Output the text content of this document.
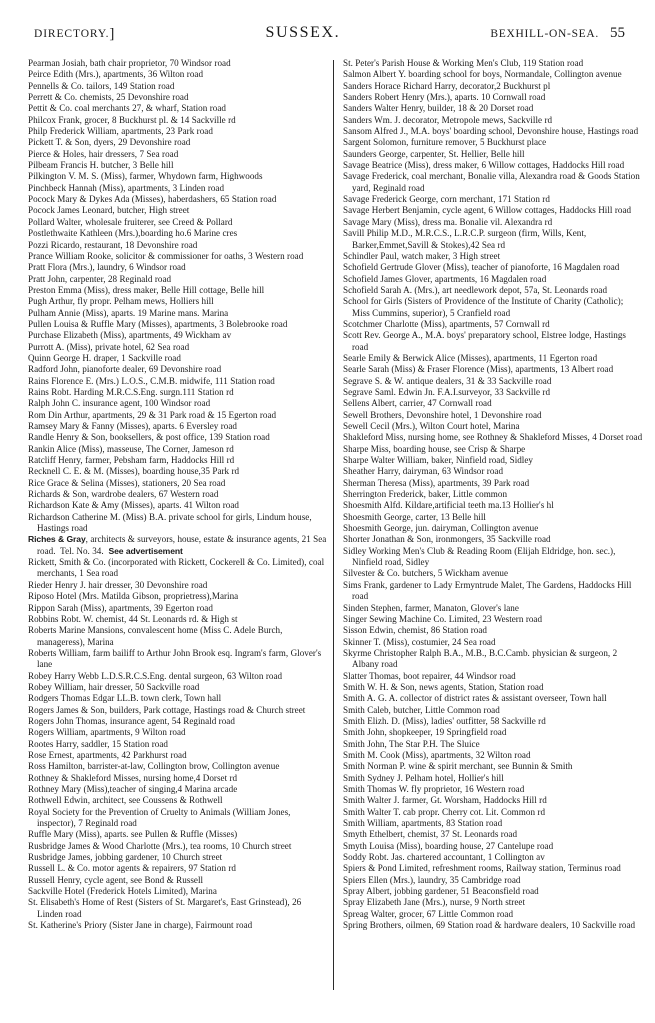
DIRECTORY.]	SUSSEX.	BEXHILL-ON-SEA. 55

Pearman Josiah, bath chair proprietor, 70 Windsor road

Peirce Edith (Mrs.), apartments, 36 Wilton road

Pennells & Co. tailors, 149 Station road

Perrett & Co. chemists, 25 Devonshire road

Pettit & Co. coal merchants 27, & wharf, Station road

Philcox Frank, grocer, 8 Buckhurst pl. & 14 Sackville rd

Philp Frederick William, apartments, 23 Park road

Pickett T. & Son, dyers, 29 Devonshire road

Pierce & Holes, hair dressers, 7 Sea road

Pilbeam Francis H. butcher, 3 Belle hill

Pilkington V. M. S. (Miss), farmer, Whydown farm, Highwoods

Pinchbeck Hannah (Miss), apartments, 3 Linden road

Pocock Mary & Dykes Ada (Misses), haberdashers, 65 Station road

Pocock James Leonard, butcher, High street

Pollard Walter, wholesale fruiterer, see Creed & Pollard

Postlethwaite Kathleen (Mrs.),boarding ho.6 Marine cres

Pozzi Ricardo, restaurant, 18 Devonshire road

Prance William Rooke, solicitor & commissioner for oaths, 3 Western road

Pratt Flora (Mrs.), laundry, 6 Windsor road

Pratt John, carpenter, 28 Reginald road

Preston Emma (Miss), dress maker, Belle Hill cottage, Belle hill

Pugh Arthur, fly propr. Pelham mews, Holliers hill

Pulham Annie (Miss), aparts. 19 Marine mans. Marina

Pullen Louisa & Ruffle Mary (Misses), apartments, 3 Bolebrooke road

Purchase Elizabeth (Miss), apartments, 49 Wickham av

Purrott A. (Miss), private hotel, 62 Sea road

Quinn George H. draper, 1 Sackville road

Radford John, pianoforte dealer, 69 Devonshire road

Rains Florence E. (Mrs.) L.O.S., C.M.B. midwife, 111 Station road

Rains Robt. Harding M.R.C.S.Eng. surgn.111 Station rd

Ralph John C. insurance agent, 100 Windsor road

Rom Din Arthur, apartments, 29 & 31 Park road & 15 Egerton road

Ramsey Mary & Fanny (Misses), aparts. 6 Eversley road

Randle Henry & Son, booksellers, & post office, 139 Station road

Rankin Alice (Miss), masseuse, The Corner, Jameson rd

Ratcliff Henry, farmer, Pebsham farm, Haddocks Hill rd

Recknell C. E. & M. (Misses), boarding house,35 Park rd

Rice Grace & Selina (Misses), stationers, 20 Sea road

Richards & Son, wardrobe dealers, 67 Western road

Richardson Kate & Amy (Misses), aparts. 41 Wilton road

Richardson Catherine M. (Miss) B.A. private school for girls, Lindum house, Hastings road

Riches & Gray, architects & surveyors, house, estate & insurance agents, 21 Sea road.  Tel. No. 34.  See advertisement

Rickett, Smith & Co. (incorporated with Rickett, Cockerell & Co. Limited), coal merchants, 1 Sea road

Rieder Henry J. hair dresser, 30 Devonshire road

Riposo Hotel (Mrs. Matilda Gibson, proprietress),Marina

Rippon Sarah (Miss), apartments, 39 Egerton road

Robbins Robt. W. chemist, 44 St. Leonards rd. & High st

Roberts Marine Mansions, convalescent home (Miss C. Adele Burch, manageress), Marina

Roberts William, farm bailiff to Arthur John Brook esq. Ingram's farm, Glover's lane

Robey Harry Webb L.D.S.R.C.S.Eng. dental surgeon, 63 Wilton road

Robey William, hair dresser, 50 Sackville road

Rodgers Thomas Edgar LL.B. town clerk, Town hall

Rogers James & Son, builders, Park cottage, Hastings road & Church street

Rogers John Thomas, insurance agent, 54 Reginald road

Rogers William, apartments, 9 Wilton road

Rootes Harry, saddler, 15 Station road

Rose Ernest, apartments, 42 Parkhurst road

Ross Hamilton, barrister-at-law, Collington brow, Collington avenue

Rothney & Shakleford Misses, nursing home,4 Dorset rd

Rothney Mary (Miss),teacher of singing,4 Marina arcade

Rothwell Edwin, architect, see Coussens & Rothwell

Royal Society for the Prevention of Cruelty to Animals (William Jones, inspector), 7 Reginald road

Ruffle Mary (Miss), aparts. see Pullen & Ruffle (Misses)

Rusbridge James & Wood Charlotte (Mrs.), tea rooms, 10 Church street

Rusbridge James, jobbing gardener, 10 Church street

Russell L. & Co. motor agents & repairers, 97 Station rd

Russell Henry, cycle agent, see Bond & Russell

Sackville Hotel (Frederick Hotels Limited), Marina

St. Elisabeth's Home of Rest (Sisters of St. Margaret's, East Grinstead), 26 Linden road

St. Katherine's Priory (Sister Jane in charge), Fairmount road

St. Peter's Parish House & Working Men's Club, 119 Station road

Salmon Albert Y. boarding school for boys, Normandale, Collington avenue

Sanders Horace Richard Harry, decorator,2 Buckhurst pl

Sanders Robert Henry (Mrs.), aparts. 10 Cornwall road

Sanders Walter Henry, builder, 18 & 20 Dorset road

Sanders Wm. J. decorator, Metropole mews, Sackville rd

Sansom Alfred J., M.A. boys' boarding school, Devonshire house, Hastings road

Sargent Solomon, furniture remover, 5 Buckhurst place

Saunders George, carpenter, St. Hellier, Belle hill

Savage Beatrice (Miss), dress maker, 6 Willow cottages, Haddocks Hill road

Savage Frederick, coal merchant, Bonalie villa, Alexandra road & Goods Station yard, Reginald road

Savage Frederick George, corn merchant, 171 Station rd

Savage Herbert Benjamin, cycle agent, 6 Willow cottages, Haddocks Hill road

Savage Mary (Miss), dress ma. Bonalie vil. Alexandra rd

Savill Philip M.D., M.R.C.S., L.R.C.P. surgeon (firm, Wills, Kent, Barker,Emmet,Savill & Stokes),42 Sea rd

Schindler Paul, watch maker, 3 High street

Schofield Gertrude Glover (Miss), teacher of pianoforte, 16 Magdalen road

Schofield James Glover, apartments, 16 Magdalen road

Schofield Sarah A. (Mrs.), art needlework depot, 57a, St. Leonards road

School for Girls (Sisters of Providence of the Institute of Charity (Catholic); Miss Cummins, superior), 5 Cranfield road

Scotchmer Charlotte (Miss), apartments, 57 Cornwall rd

Scott Rev. George A., M.A. boys' preparatory school, Elstree lodge, Hastings road

Searle Emily & Berwick Alice (Misses), apartments, 11 Egerton road

Searle Sarah (Miss) & Fraser Florence (Miss), apartments, 13 Albert road

Segrave S. & W. antique dealers, 31 & 33 Sackville road

Segrave Saml. Edwin Jn. F.A.I.surveyor, 33 Sackville rd

Sellens Albert, carrier, 47 Cornwall road

Sewell Brothers, Devonshire hotel, 1 Devonshire road

Sewell Cecil (Mrs.), Wilton Court hotel, Marina

Shakleford Miss, nursing home, see Rothney & Shakleford Misses, 4 Dorset road

Sharpe Miss, boarding house, see Crisp & Sharpe

Sharpe Walter William, baker, Ninfield road, Sidley

Sheather Harry, dairyman, 63 Windsor road

Sherman Theresa (Miss), apartments, 39 Park road

Sherrington Frederick, baker, Little common

Shoesmith Alfd. Kildare,artificial teeth ma.13 Hollier's hl

Shoesmith George, carter, 13 Belle hill

Shoesmith George, jun. dairyman, Collington avenue

Shorter Jonathan & Son, ironmongers, 35 Sackville road

Sidley Working Men's Club & Reading Room (Elijah Eldridge, hon. sec.), Ninfield road, Sidley

Silvester & Co. butchers, 5 Wickham avenue

Sims Frank, gardener to Lady Ermyntrude Malet, The Gardens, Haddocks Hill road

Sinden Stephen, farmer, Manaton, Glover's lane

Singer Sewing Machine Co. Limited, 23 Western road

Sisson Edwin, chemist, 86 Station road

Skinner T. (Miss), costumier, 24 Sea road

Skyrme Christopher Ralph B.A., M.B., B.C.Camb. physician & surgeon, 2 Albany road

Slatter Thomas, boot repairer, 44 Windsor road

Smith W. H. & Son, news agents, Station, Station road

Smith A. G. A. collector of district rates & assistant overseer, Town hall

Smith Caleb, butcher, Little Common road

Smith Elizh. D. (Miss), ladies' outfitter, 58 Sackville rd

Smith John, shopkeeper, 19 Springfield road

Smith John, The Star P.H. The Sluice

Smith M. Cook (Miss), apartments, 32 Wilton road

Smith Norman P. wine & spirit merchant, see Bunnin & Smith

Smith Sydney J. Pelham hotel, Hollier's hill

Smith Thomas W. fly proprietor, 16 Western road

Smith Walter J. farmer, Gt. Worsham, Haddocks Hill rd

Smith Walter T. cab propr. Cherry cot. Lit. Common rd

Smith William, apartments, 83 Station road

Smyth Ethelbert, chemist, 37 St. Leonards road

Smyth Louisa (Miss), boarding house, 27 Cantelupe road

Soddy Robt. Jas. chartered accountant, 1 Collington av

Spiers & Pond Limited, refreshment rooms, Railway station, Terminus road

Spiers Ellen (Mrs.), laundry, 35 Cambridge road

Spray Albert, jobbing gardener, 51 Beaconsfield road

Spray Elizabeth Jane (Mrs.), nurse, 9 North street

Spreag Walter, grocer, 67 Little Common road

Spring Brothers, oilmen, 69 Station road & hardware dealers, 10 Sackville road
